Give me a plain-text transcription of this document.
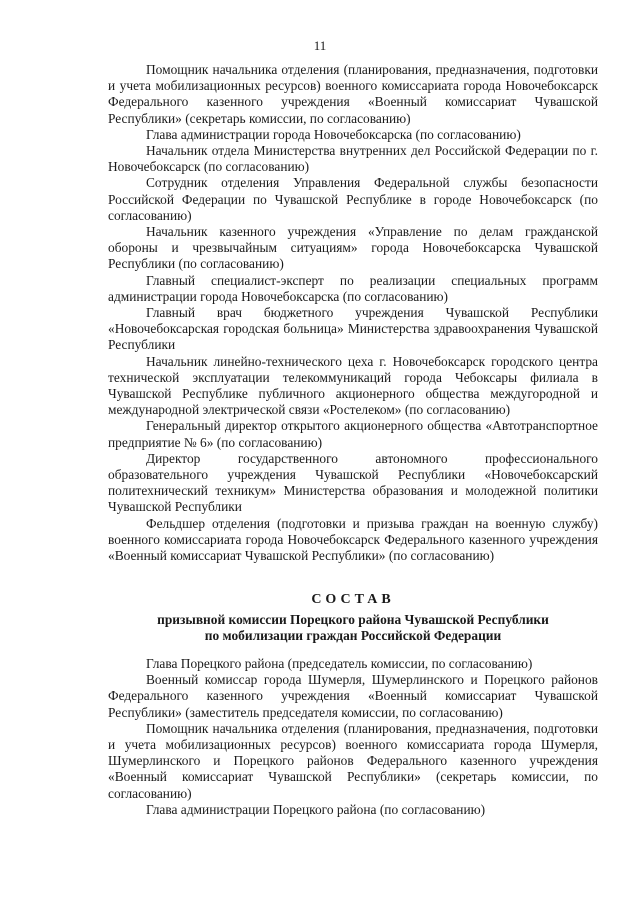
11

Помощник начальника отделения (планирования, предназначения, подготовки и учета мобилизационных ресурсов) военного комиссариата города Новочебоксарск Федерального казенного учреждения «Военный комиссариат Чувашской Республики» (секретарь комиссии, по согласованию)

Глава администрации города Новочебоксарска (по согласованию)

Начальник отдела Министерства внутренних дел Российской Федерации по г. Новочебоксарск (по согласованию)

Сотрудник отделения Управления Федеральной службы безопасности Российской Федерации по Чувашской Республике в городе Новочебоксарск (по согласованию)

Начальник казенного учреждения «Управление по делам гражданской обороны и чрезвычайным ситуациям» города Новочебоксарска Чувашской Республики (по согласованию)

Главный специалист-эксперт по реализации специальных программ администрации города Новочебоксарска (по согласованию)

Главный врач бюджетного учреждения Чувашской Республики «Новочебоксарская городская больница» Министерства здравоохранения Чувашской Республики

Начальник линейно-технического цеха г. Новочебоксарск городского центра технической эксплуатации телекоммуникаций города Чебоксары филиала в Чувашской Республике публичного акционерного общества междугородной и международной электрической связи «Ростелеком» (по согласованию)

Генеральный директор открытого акционерного общества «Автотранспортное предприятие № 6» (по согласованию)

Директор государственного автономного профессионального образовательного учреждения Чувашской Республики «Новочебоксарский политехнический техникум» Министерства образования и молодежной политики Чувашской Республики

Фельдшер отделения (подготовки и призыва граждан на военную службу) военного комиссариата города Новочебоксарск Федерального казенного учреждения «Военный комиссариат Чувашской Республики» (по согласованию)

СОСТАВ
призывной комиссии Порецкого района Чувашской Республики
по мобилизации граждан Российской Федерации

Глава Порецкого района (председатель комиссии, по согласованию)

Военный комиссар города Шумерля, Шумерлинского и Порецкого районов Федерального казенного учреждения «Военный комиссариат Чувашской Республики» (заместитель председателя комиссии, по согласованию)

Помощник начальника отделения (планирования, предназначения, подготовки и учета мобилизационных ресурсов) военного комиссариата города Шумерля, Шумерлинского и Порецкого районов Федерального казенного учреждения «Военный комиссариат Чувашской Республики» (секретарь комиссии, по согласованию)

Глава администрации Порецкого района (по согласованию)
